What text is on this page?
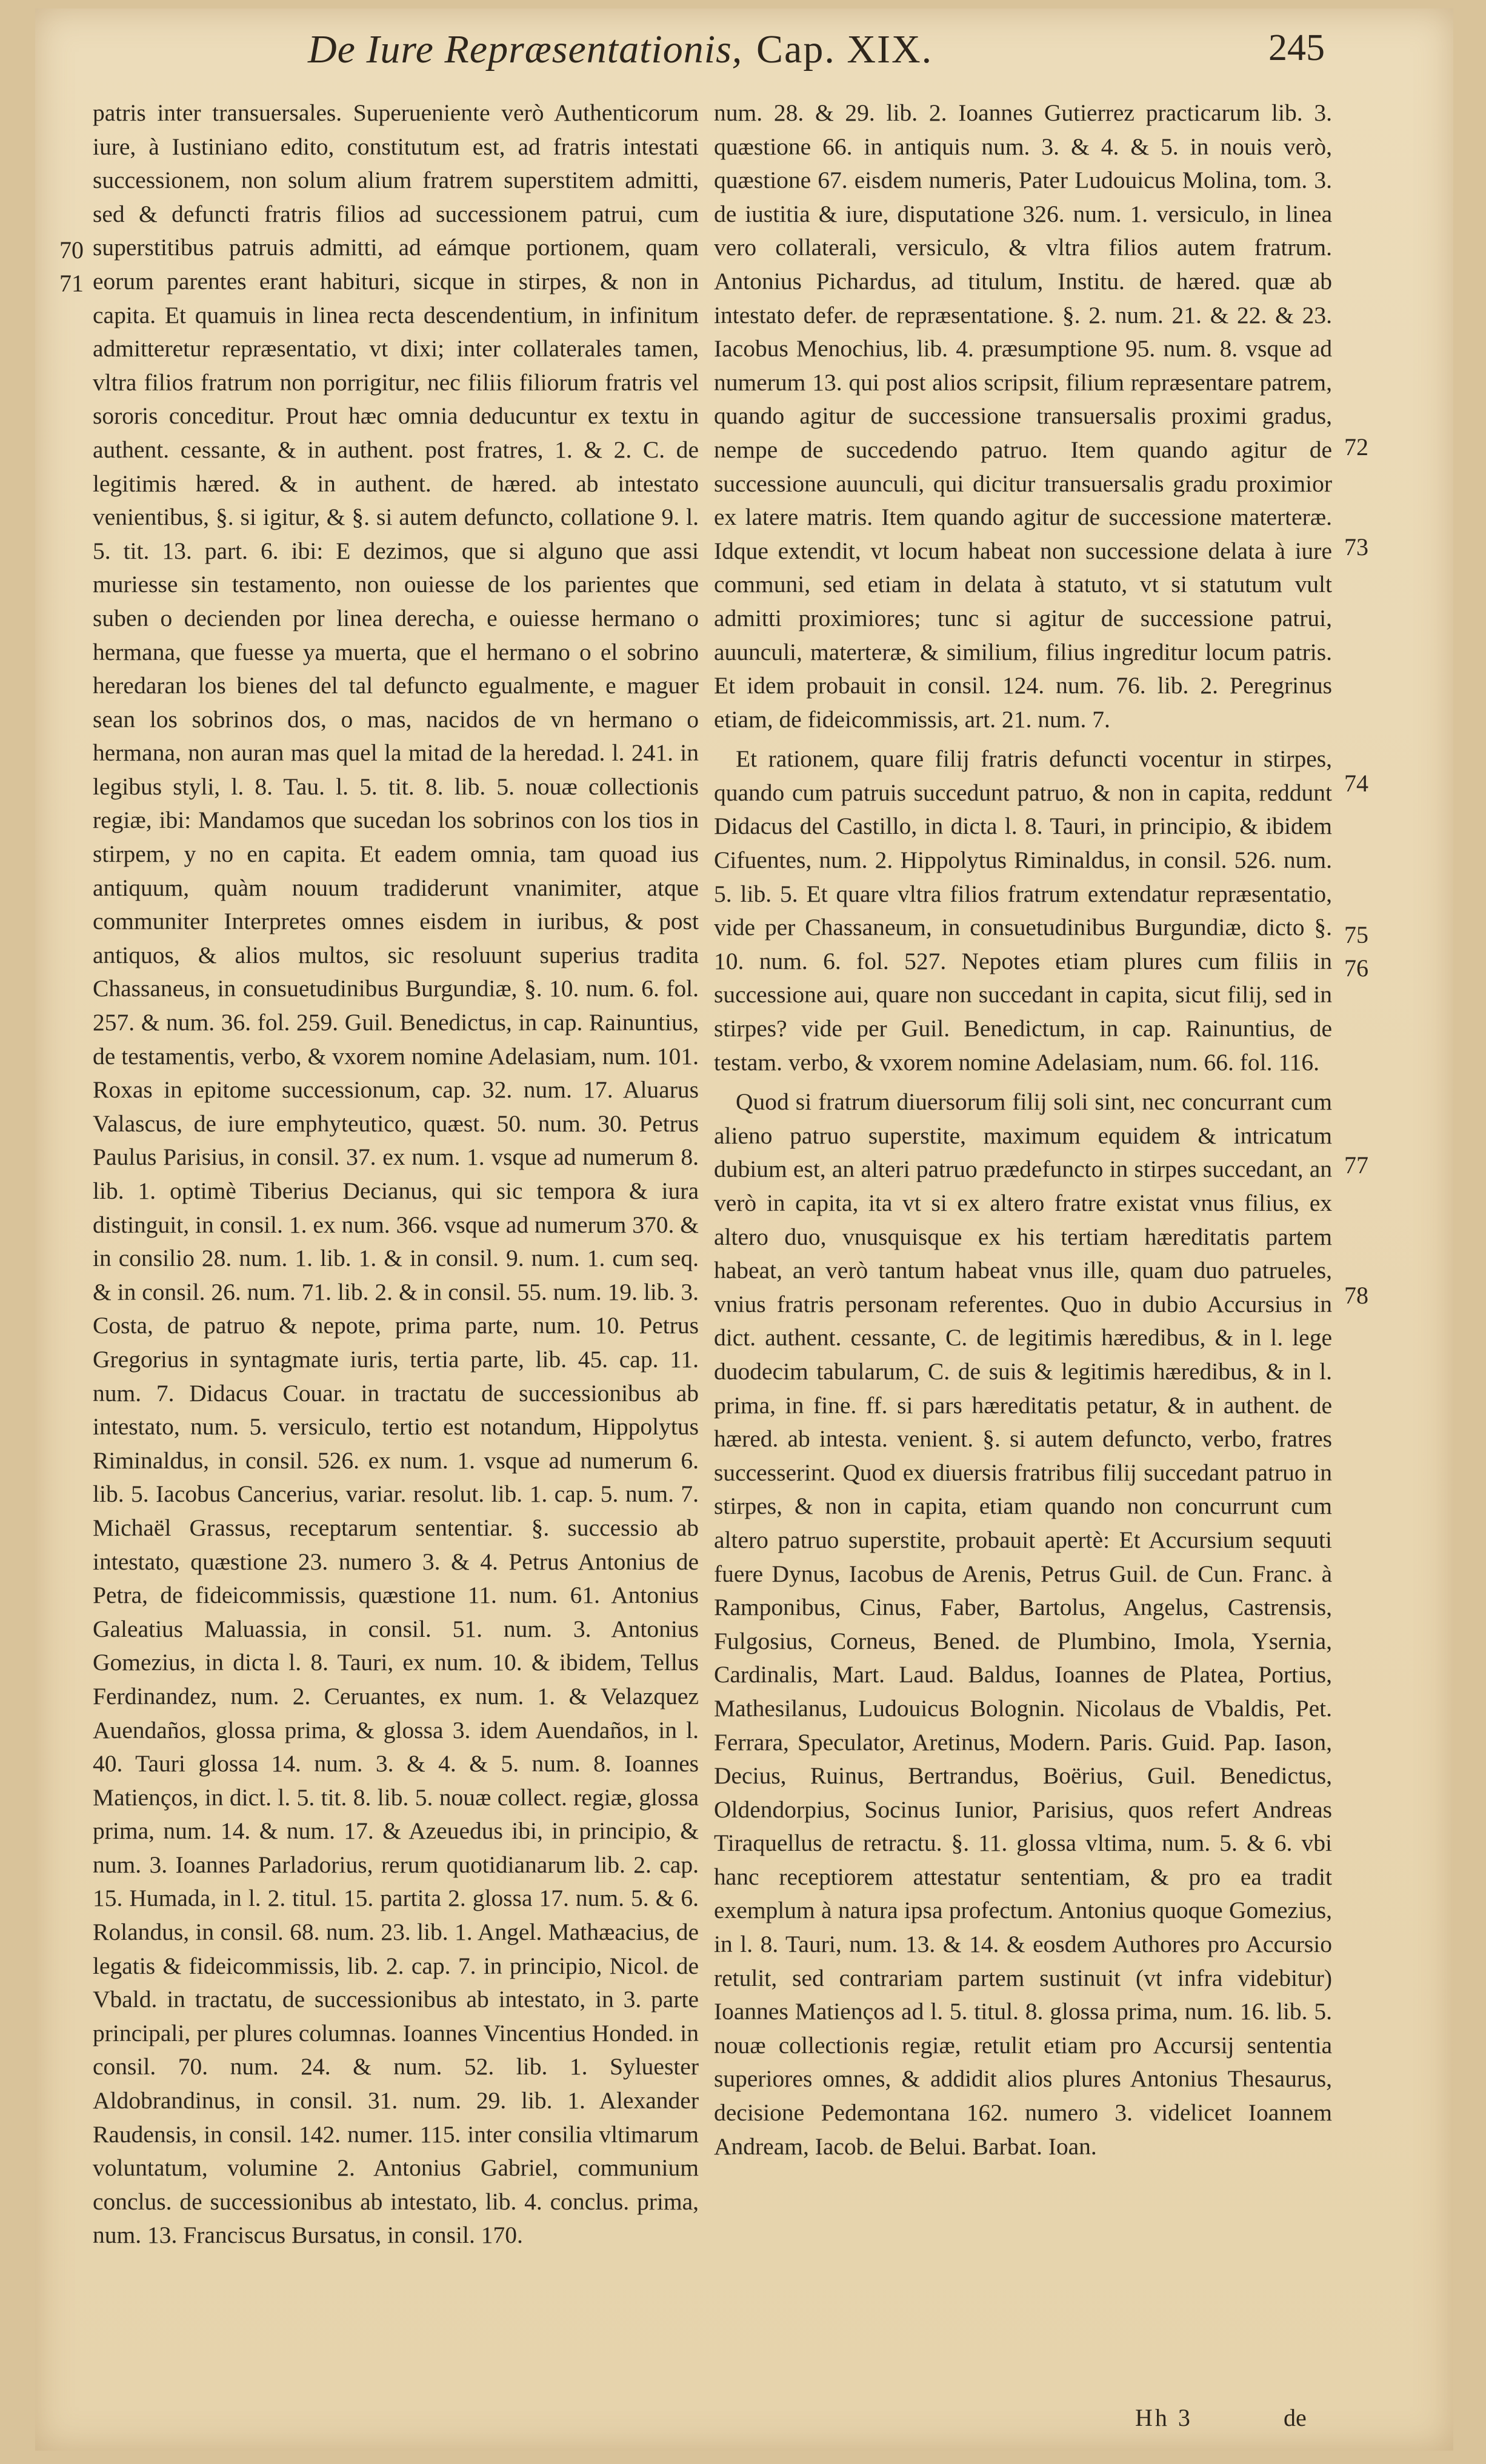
De Iure Repræsentationis, Cap. XIX.	245

patris inter transuersales. Superueniente verò Authenticorum iure, à Iustiniano edito, constitutum est, ad fratris intestati successionem, non solum alium fratrem superstitem admitti, sed & defuncti fratris filios ad successionem patrui, cum superstitibus patruis admitti, ad eámque portionem, quam eorum parentes erant habituri, sicque in stirpes, & non in capita. Et quamuis in linea recta descendentium, in infinitum admitteretur repræsentatio, vt dixi; inter collaterales tamen, vltra filios fratrum non porrigitur, nec filiis filiorum fratris vel sororis conceditur. Prout hæc omnia deducuntur ex textu in authent. cessante, & in authent. post fratres, 1. & 2. C. de legitimis hæred. & in authent. de hæred. ab intestato venientibus, §. si igitur, & §. si autem defuncto, collatione 9. l. 5. tit. 13. part. 6. ibi: E dezimos, que si alguno que assi muriesse sin testamento, non ouiesse de los parientes que suben o decienden por linea derecha, e ouiesse hermano o hermana, que fuesse ya muerta, que el hermano o el sobrino heredaran los bienes del tal defuncto egualmente, e maguer sean los sobrinos dos, o mas, nacidos de vn hermano o hermana, non auran mas quel la mitad de la heredad. l. 241. in legibus styli, l. 8. Tau. l. 5. tit. 8. lib. 5. nouæ collectionis regiæ, ibi: Mandamos que sucedan los sobrinos con los tios in stirpem, y no en capita. Et eadem omnia, tam quoad ius antiquum, quàm nouum tradiderunt vnanimiter, atque communiter Interpretes omnes eisdem in iuribus, & post antiquos, & alios multos, sic resoluunt superius tradita Chassaneus, in consuetudinibus Burgundiæ, §. 10. num. 6. fol. 257. & num. 36. fol. 259. Guil. Benedictus, in cap. Rainuntius, de testamentis, verbo, & vxorem nomine Adelasiam, num. 101. Roxas in epitome successionum, cap. 32. num. 17. Aluarus Valascus, de iure emphyteutico, quæst. 50. num. 30. Petrus Paulus Parisius, in consil. 37. ex num. 1. vsque ad numerum 8. lib. 1. optimè Tiberius Decianus, qui sic tempora & iura distinguit, in consil. 1. ex num. 366. vsque ad numerum 370. & in consilio 28. num. 1. lib. 1. & in consil. 9. num. 1. cum seq. & in consil. 26. num. 71. lib. 2. & in consil. 55. num. 19. lib. 3. Costa, de patruo & nepote, prima parte, num. 10. Petrus Gregorius in syntagmate iuris, tertia parte, lib. 45. cap. 11. num. 7. Didacus Couar. in tractatu de successionibus ab intestato, num. 5. versiculo, tertio est notandum, Hippolytus Riminaldus, in consil. 526. ex num. 1. vsque ad numerum 6. lib. 5. Iacobus Cancerius, variar. resolut. lib. 1. cap. 5. num. 7. Michaël Grassus, receptarum sententiar. §. successio ab intestato, quæstione 23. numero 3. & 4. Petrus Antonius de Petra, de fideicommissis, quæstione 11. num. 61. Antonius Galeatius Maluassia, in consil. 51. num. 3. Antonius Gomezius, in dicta l. 8. Tauri, ex num. 10. & ibidem, Tellus Ferdinandez, num. 2. Ceruantes, ex num. 1. & Velazquez Auendaños, glossa prima, & glossa 3. idem Auendaños, in l. 40. Tauri glossa 14. num. 3. & 4. & 5. num. 8. Ioannes Matienços, in dict. l. 5. tit. 8. lib. 5. nouæ collect. regiæ, glossa prima, num. 14. & num. 17. & Azeuedus ibi, in principio, & num. 3. Ioannes Parladorius, rerum quotidianarum lib. 2. cap. 15. Humada, in l. 2. titul. 15. partita 2. glossa 17. num. 5. & 6. Rolandus, in consil. 68. num. 23. lib. 1. Angel. Mathæacius, de legatis & fideicommissis, lib. 2. cap. 7. in principio, Nicol. de Vbald. in tractatu, de successionibus ab intestato, in 3. parte principali, per plures columnas. Ioannes Vincentius Honded. in consil. 70. num. 24. & num. 52. lib. 1. Syluester Aldobrandinus, in consil. 31. num. 29. lib. 1. Alexander Raudensis, in consil. 142. numer. 115. inter consilia vltimarum voluntatum, volumine 2. Antonius Gabriel, communium conclus. de successionibus ab intestato, lib. 4. conclus. prima, num. 13. Franciscus Bursatus, in consil. 170.

num. 28. & 29. lib. 2. Ioannes Gutierrez practicarum lib. 3. quæstione 66. in antiquis num. 3. & 4. & 5. in nouis verò, quæstione 67. eisdem numeris, Pater Ludouicus Molina, tom. 3. de iustitia & iure, disputatione 326. num. 1. versiculo, in linea vero collaterali, versiculo, & vltra filios autem fratrum. Antonius Pichardus, ad titulum, Institu. de hæred. quæ ab intestato defer. de repræsentatione. §. 2. num. 21. & 22. & 23. Iacobus Menochius, lib. 4. præsumptione 95. num. 8. vsque ad numerum 13. qui post alios scripsit, filium repræsentare patrem, quando agitur de successione transuersalis proximi gradus, nempe de succedendo patruo. Item quando agitur de successione auunculi, qui dicitur transuersalis gradu proximior ex latere matris. Item quando agitur de successione materteræ. Idque extendit, vt locum habeat non successione delata à iure communi, sed etiam in delata à statuto, vt si statutum vult admitti proximiores; tunc si agitur de successione patrui, auunculi, materteræ, & similium, filius ingreditur locum patris. Et idem probauit in consil. 124. num. 76. lib. 2. Peregrinus etiam, de fideicommissis, art. 21. num. 7.

Et rationem, quare filij fratris defuncti vocentur in stirpes, quando cum patruis succedunt patruo, & non in capita, reddunt Didacus del Castillo, in dicta l. 8. Tauri, in principio, & ibidem Cifuentes, num. 2. Hippolytus Riminaldus, in consil. 526. num. 5. lib. 5. Et quare vltra filios fratrum extendatur repræsentatio, vide per Chassaneum, in consuetudinibus Burgundiæ, dicto §. 10. num. 6. fol. 527. Nepotes etiam plures cum filiis in successione aui, quare non succedant in capita, sicut filij, sed in stirpes? vide per Guil. Benedictum, in cap. Rainuntius, de testam. verbo, & vxorem nomine Adelasiam, num. 66. fol. 116.

Quod si fratrum diuersorum filij soli sint, nec concurrant cum alieno patruo superstite, maximum equidem & intricatum dubium est, an alteri patruo prædefuncto in stirpes succedant, an verò in capita, ita vt si ex altero fratre existat vnus filius, ex altero duo, vnusquisque ex his tertiam hæreditatis partem habeat, an verò tantum habeat vnus ille, quam duo patrueles, vnius fratris personam referentes. Quo in dubio Accursius in dict. authent. cessante, C. de legitimis hæredibus, & in l. lege duodecim tabularum, C. de suis & legitimis hæredibus, & in l. prima, in fine. ff. si pars hæreditatis petatur, & in authent. de hæred. ab intesta. venient. §. si autem defuncto, verbo, fratres successerint. Quod ex diuersis fratribus filij succedant patruo in stirpes, & non in capita, etiam quando non concurrunt cum altero patruo superstite, probauit apertè: Et Accursium sequuti fuere Dynus, Iacobus de Arenis, Petrus Guil. de Cun. Franc. à Ramponibus, Cinus, Faber, Bartolus, Angelus, Castrensis, Fulgosius, Corneus, Bened. de Plumbino, Imola, Ysernia, Cardinalis, Mart. Laud. Baldus, Ioannes de Platea, Portius, Mathesilanus, Ludouicus Bolognin. Nicolaus de Vbaldis, Pet. Ferrara, Speculator, Aretinus, Modern. Paris. Guid. Pap. Iason, Decius, Ruinus, Bertrandus, Boërius, Guil. Benedictus, Oldendorpius, Socinus Iunior, Parisius, quos refert Andreas Tiraquellus de retractu. §. 11. glossa vltima, num. 5. & 6. vbi hanc receptiorem attestatur sententiam, & pro ea tradit exemplum à natura ipsa profectum. Antonius quoque Gomezius, in l. 8. Tauri, num. 13. & 14. & eosdem Authores pro Accursio retulit, sed contrariam partem sustinuit (vt infra videbitur) Ioannes Matienços ad l. 5. titul. 8. glossa prima, num. 16. lib. 5. nouæ collectionis regiæ, retulit etiam pro Accursij sententia superiores omnes, & addidit alios plures Antonius Thesaurus, decisione Pedemontana 162. numero 3. videlicet Ioannem Andream, Iacob. de Belui. Barbat. Ioan.

70
71
72
73
74
75
76
77
78
Hh 3	de
